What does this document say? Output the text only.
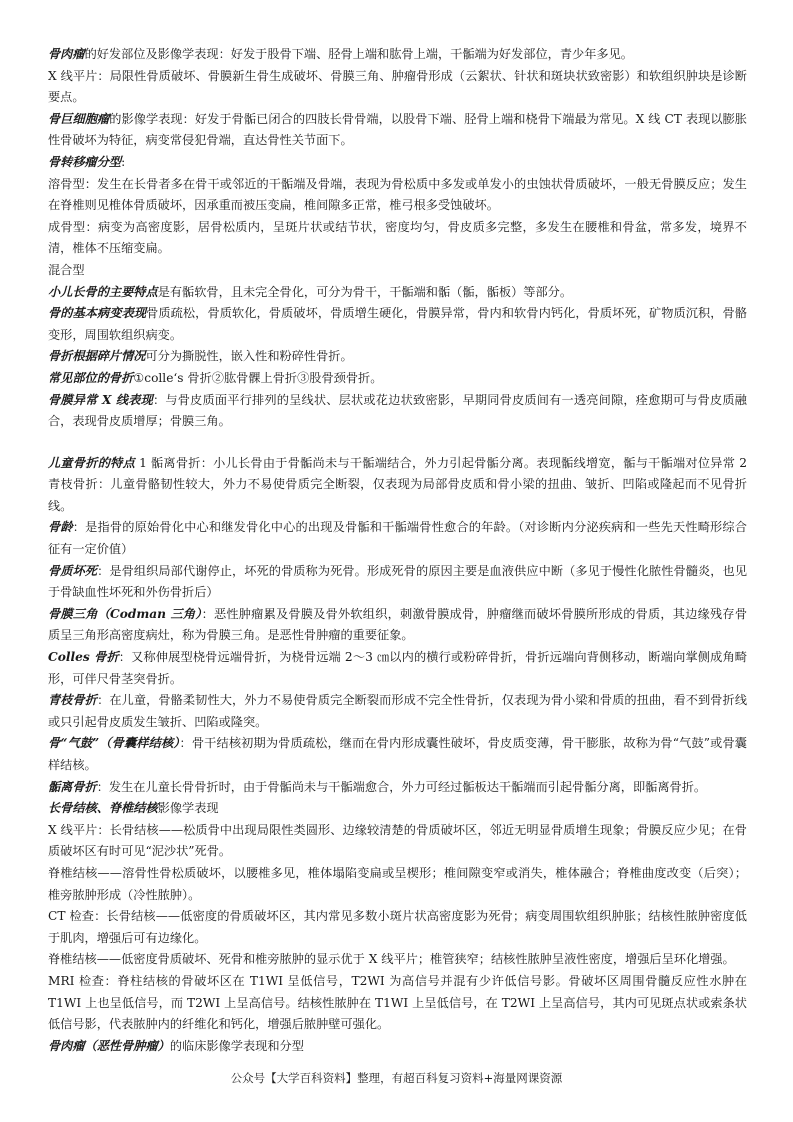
骨肉瘤的好发部位及影像学表现：好发于股骨下端、胫骨上端和肱骨上端，干骺端为好发部位，青少年多见。

X 线平片：局限性骨质破坏、骨膜新生骨生成破坏、骨膜三角、肿瘤骨形成（云絮状、针状和斑块状致密影）和软组织肿块是诊断要点。

骨巨细胞瘤的影像学表现：好发于骨骺已闭合的四肢长骨骨端，以股骨下端、胫骨上端和桡骨下端最为常见。X 线 CT 表现以膨胀性骨破坏为特征，病变常侵犯骨端，直达骨性关节面下。

骨转移瘤分型:

溶骨型：发生在长骨者多在骨干或邻近的干骺端及骨端，表现为骨松质中多发或单发小的虫蚀状骨质破坏，一般无骨膜反应；发生在脊椎则见椎体骨质破坏，因承重而被压变扁，椎间隙多正常，椎弓根多受蚀破坏。

成骨型：病变为高密度影，居骨松质内，呈斑片状或结节状，密度均匀，骨皮质多完整，多发生在腰椎和骨盆，常多发，境界不清，椎体不压缩变扁。

混合型

小儿长骨的主要特点是有骺软骨，且未完全骨化，可分为骨干，干骺端和骺（骺，骺板）等部分。

骨的基本病变表现骨质疏松，骨质软化，骨质破坏，骨质增生硬化，骨膜异常，骨内和软骨内钙化，骨质坏死，矿物质沉积，骨骼变形，周围软组织病变。

骨折根据碎片情况可分为撕脱性，嵌入性和粉碎性骨折。

常见部位的骨折①colle‘s 骨折②肱骨髁上骨折③股骨颈骨折。

骨膜异常 X 线表现：与骨皮质面平行排列的呈线状、层状或花边状致密影，早期同骨皮质间有一透亮间隙，痊愈期可与骨皮质融合，表现骨皮质增厚；骨膜三角。

儿童骨折的特点 1 骺离骨折：小儿长骨由于骨骺尚未与干骺端结合，外力引起骨骺分离。表现骺线增宽，骺与干骺端对位异常 2 青枝骨折：儿童骨骼韧性较大，外力不易使骨质完全断裂，仅表现为局部骨皮质和骨小梁的扭曲、皱折、凹陷或隆起而不见骨折线。

骨龄：是指骨的原始骨化中心和继发骨化中心的出现及骨骺和干骺端骨性愈合的年龄。（对诊断内分泌疾病和一些先天性畸形综合征有一定价值）

骨质坏死：是骨组织局部代谢停止，坏死的骨质称为死骨。形成死骨的原因主要是血液供应中断（多见于慢性化脓性骨髓炎，也见于骨缺血性坏死和外伤骨折后）

骨膜三角（Codman 三角）：恶性肿瘤累及骨膜及骨外软组织，刺激骨膜成骨，肿瘤继而破坏骨膜所形成的骨质，其边缘残存骨质呈三角形高密度病灶，称为骨膜三角。是恶性骨肿瘤的重要征象。

Colles 骨折：又称伸展型桡骨远端骨折，为桡骨远端 2～3 ㎝以内的横行或粉碎骨折，骨折远端向背侧移动，断端向掌侧成角畸形，可伴尺骨茎突骨折。

青枝骨折：在儿童，骨骼柔韧性大，外力不易使骨质完全断裂而形成不完全性骨折，仅表现为骨小梁和骨质的扭曲，看不到骨折线或只引起骨皮质发生皱折、凹陷或隆突。

骨“气鼓”（骨囊样结核）：骨干结核初期为骨质疏松，继而在骨内形成囊性破坏，骨皮质变薄，骨干膨胀，故称为骨“气鼓”或骨囊样结核。

骺离骨折：发生在儿童长骨骨折时，由于骨骺尚未与干骺端愈合，外力可经过骺板达干骺端而引起骨骺分离，即骺离骨折。

长骨结核、脊椎结核影像学表现

X 线平片：长骨结核——松质骨中出现局限性类圆形、边缘较清楚的骨质破坏区，邻近无明显骨质增生现象；骨膜反应少见；在骨质破坏区有时可见“泥沙状”死骨。

脊椎结核——溶骨性骨松质破坏，以腰椎多见，椎体塌陷变扁或呈楔形；椎间隙变窄或消失，椎体融合；脊椎曲度改变（后突）；椎旁脓肿形成（冷性脓肿）。

CT 检查：长骨结核——低密度的骨质破坏区，其内常见多数小斑片状高密度影为死骨；病变周围软组织肿胀；结核性脓肿密度低于肌肉，增强后可有边缘化。

脊椎结核——低密度骨质破坏、死骨和椎旁脓肿的显示优于 X 线平片；椎管狭窄；结核性脓肿呈液性密度，增强后呈环化增强。

MRI 检查：脊柱结核的骨破坏区在 T1WI 呈低信号，T2WI 为高信号并混有少许低信号影。骨破坏区周围骨髓反应性水肿在 T1WI 上也呈低信号，而 T2WI 上呈高信号。结核性脓肿在 T1WI 上呈低信号，在 T2WI 上呈高信号，其内可见斑点状或索条状低信号影，代表脓肿内的纤维化和钙化，增强后脓肿壁可强化。

骨肉瘤（恶性骨肿瘤）的临床影像学表现和分型

公众号【大学百科资料】整理，有超百科复习资料+海量网课资源
